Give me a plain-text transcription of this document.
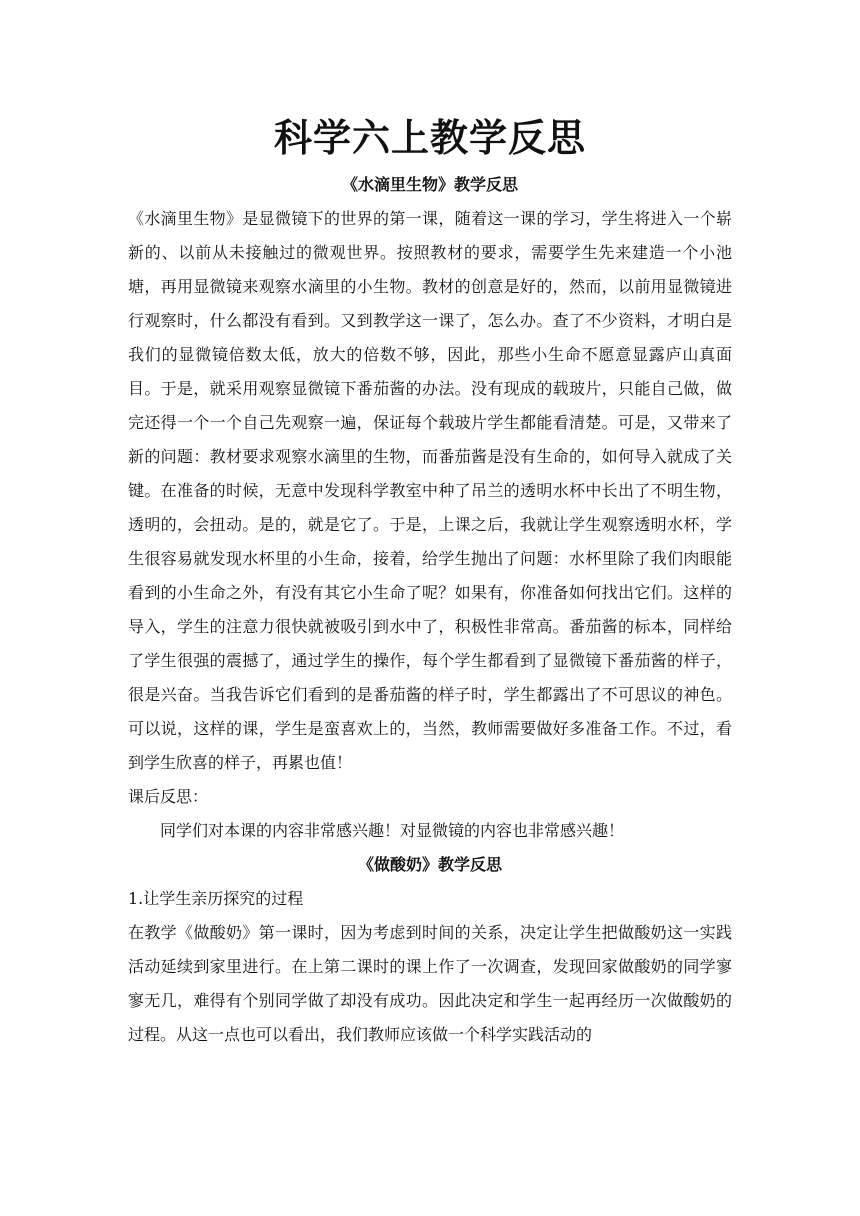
科学六上教学反思

《水滴里生物》教学反思

《水滴里生物》是显微镜下的世界的第一课，随着这一课的学习，学生将进入一个崭新的、以前从未接触过的微观世界。按照教材的要求，需要学生先来建造一个小池塘，再用显微镜来观察水滴里的小生物。教材的创意是好的，然而，以前用显微镜进行观察时，什么都没有看到。又到教学这一课了，怎么办。查了不少资料，才明白是我们的显微镜倍数太低，放大的倍数不够，因此，那些小生命不愿意显露庐山真面目。于是，就采用观察显微镜下番茄酱的办法。没有现成的载玻片，只能自己做，做完还得一个一个自己先观察一遍，保证每个载玻片学生都能看清楚。可是，又带来了新的问题：教材要求观察水滴里的生物，而番茄酱是没有生命的，如何导入就成了关键。在准备的时候，无意中发现科学教室中种了吊兰的透明水杯中长出了不明生物，透明的，会扭动。是的，就是它了。于是，上课之后，我就让学生观察透明水杯，学生很容易就发现水杯里的小生命，接着，给学生抛出了问题：水杯里除了我们肉眼能看到的小生命之外，有没有其它小生命了呢？如果有，你准备如何找出它们。这样的导入，学生的注意力很快就被吸引到水中了，积极性非常高。番茄酱的标本，同样给了学生很强的震撼了，通过学生的操作，每个学生都看到了显微镜下番茄酱的样子，很是兴奋。当我告诉它们看到的是番茄酱的样子时，学生都露出了不可思议的神色。可以说，这样的课，学生是蛮喜欢上的，当然，教师需要做好多准备工作。不过，看到学生欣喜的样子，再累也值！

课后反思：

同学们对本课的内容非常感兴趣！对显微镜的内容也非常感兴趣！

《做酸奶》教学反思

1.让学生亲历探究的过程

在教学《做酸奶》第一课时，因为考虑到时间的关系，决定让学生把做酸奶这一实践活动延续到家里进行。在上第二课时的课上作了一次调查，发现回家做酸奶的同学寥寥无几，难得有个别同学做了却没有成功。因此决定和学生一起再经历一次做酸奶的过程。从这一点也可以看出，我们教师应该做一个科学实践活动的
